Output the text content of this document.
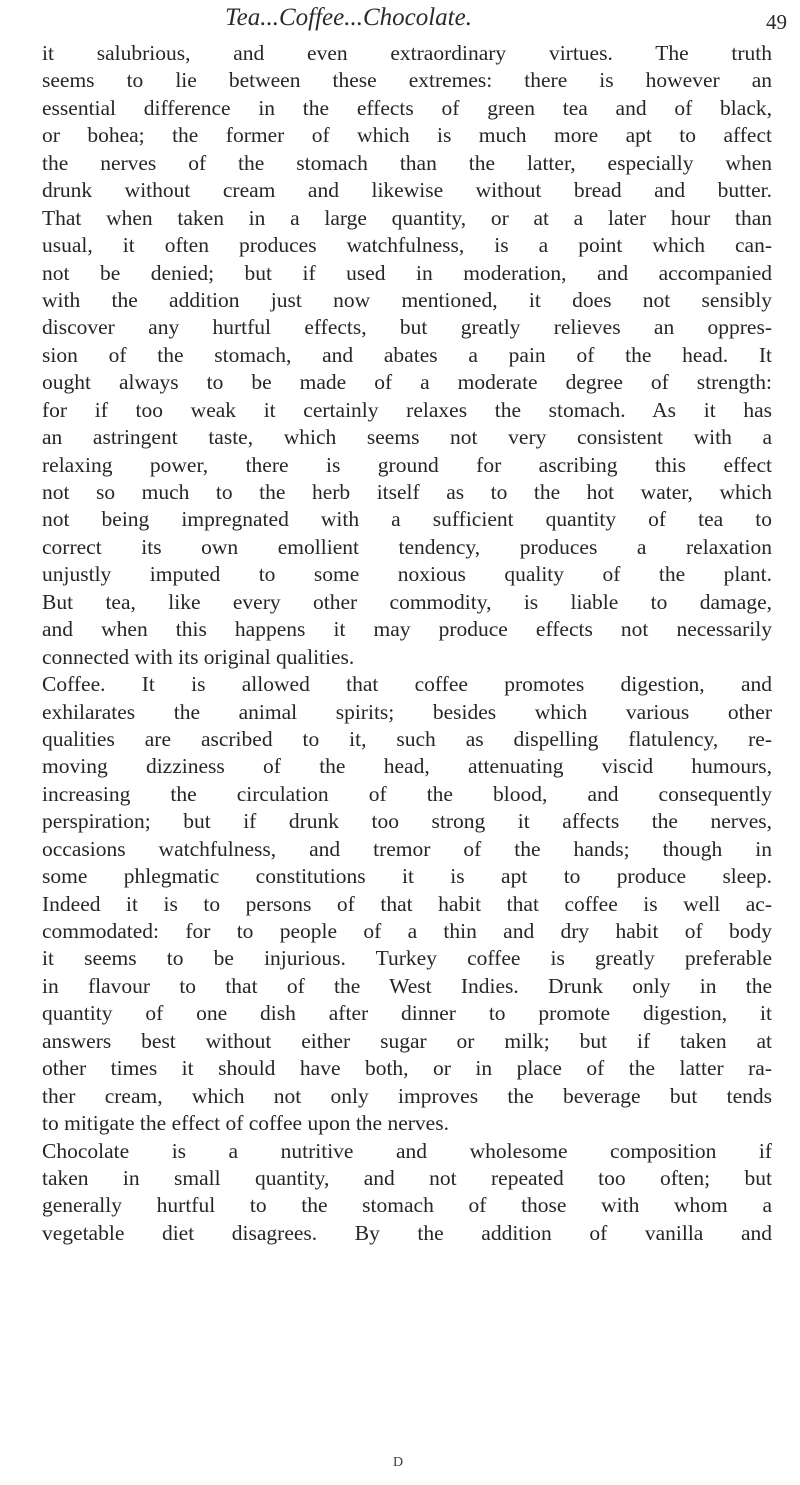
Tea...Coffee...Chocolate.	49
it salubrious, and even extraordinary virtues. The truth
seems to lie between these extremes: there is however an
essential difference in the effects of green tea and of black,
or bohea; the former of which is much more apt to affect
the nerves of the stomach than the latter, especially when
drunk without cream and likewise without bread and butter.
That when taken in a large quantity, or at a later hour than
usual, it often produces watchfulness, is a point which can-
not be denied; but if used in moderation, and accompanied
with the addition just now mentioned, it does not sensibly
discover any hurtful effects, but greatly relieves an oppres-
sion of the stomach, and abates a pain of the head. It
ought always to be made of a moderate degree of strength:
for if too weak it certainly relaxes the stomach. As it has
an astringent taste, which seems not very consistent with a
relaxing power, there is ground for ascribing this effect
not so much to the herb itself as to the hot water, which
not being impregnated with a sufficient quantity of tea to
correct its own emollient tendency, produces a relaxation
unjustly imputed to some noxious quality of the plant.
But tea, like every other commodity, is liable to damage,
and when this happens it may produce effects not necessarily
connected with its original qualities.
Coffee. It is allowed that coffee promotes digestion, and
exhilarates the animal spirits; besides which various other
qualities are ascribed to it, such as dispelling flatulency, re-
moving dizziness of the head, attenuating viscid humours,
increasing the circulation of the blood, and consequently
perspiration; but if drunk too strong it affects the nerves,
occasions watchfulness, and tremor of the hands; though in
some phlegmatic constitutions it is apt to produce sleep.
Indeed it is to persons of that habit that coffee is well ac-
commodated: for to people of a thin and dry habit of body
it seems to be injurious. Turkey coffee is greatly preferable
in flavour to that of the West Indies. Drunk only in the
quantity of one dish after dinner to promote digestion, it
answers best without either sugar or milk; but if taken at
other times it should have both, or in place of the latter ra-
ther cream, which not only improves the beverage but tends
to mitigate the effect of coffee upon the nerves.
Chocolate is a nutritive and wholesome composition if
taken in small quantity, and not repeated too often; but
generally hurtful to the stomach of those with whom a
vegetable diet disagrees. By the addition of vanilla and
D
